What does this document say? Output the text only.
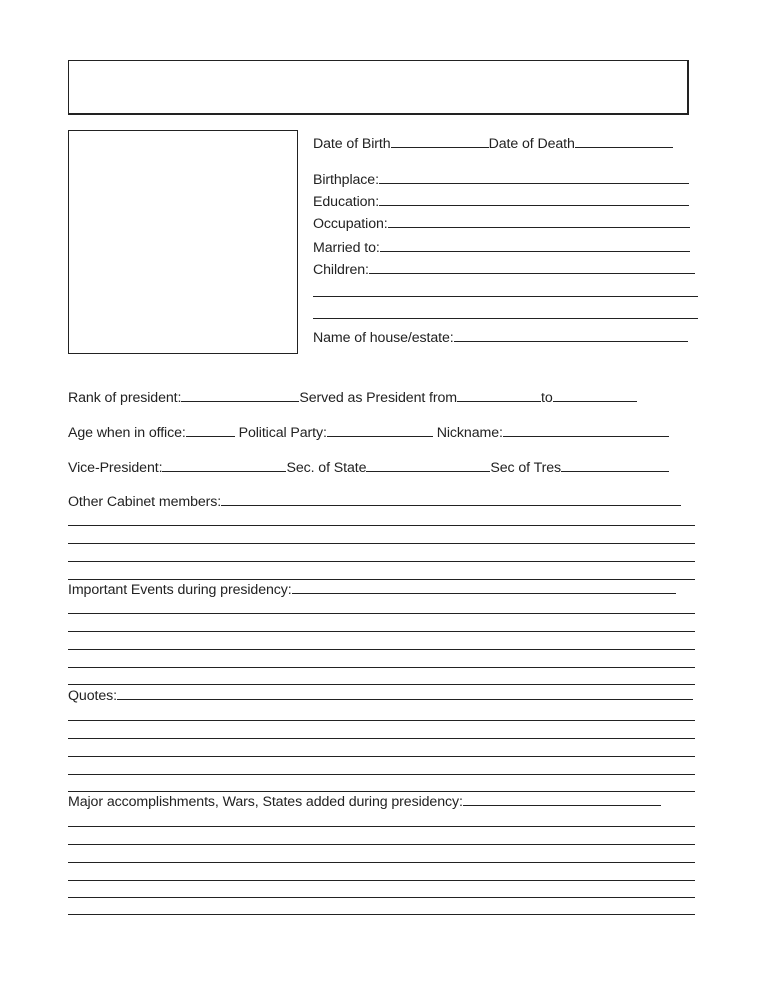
Date of Birth	Date of Death
Birthplace:
Education:
Occupation:
Married to:
Children:
Name of house/estate:
Rank of president:	Served as President from	to
Age when in office:	Political Party:	Nickname:
Vice-President:	Sec. of State	Sec of Tres
Other Cabinet members:
Important Events during presidency:
Quotes:
Major accomplishments, Wars, States added during presidency:
